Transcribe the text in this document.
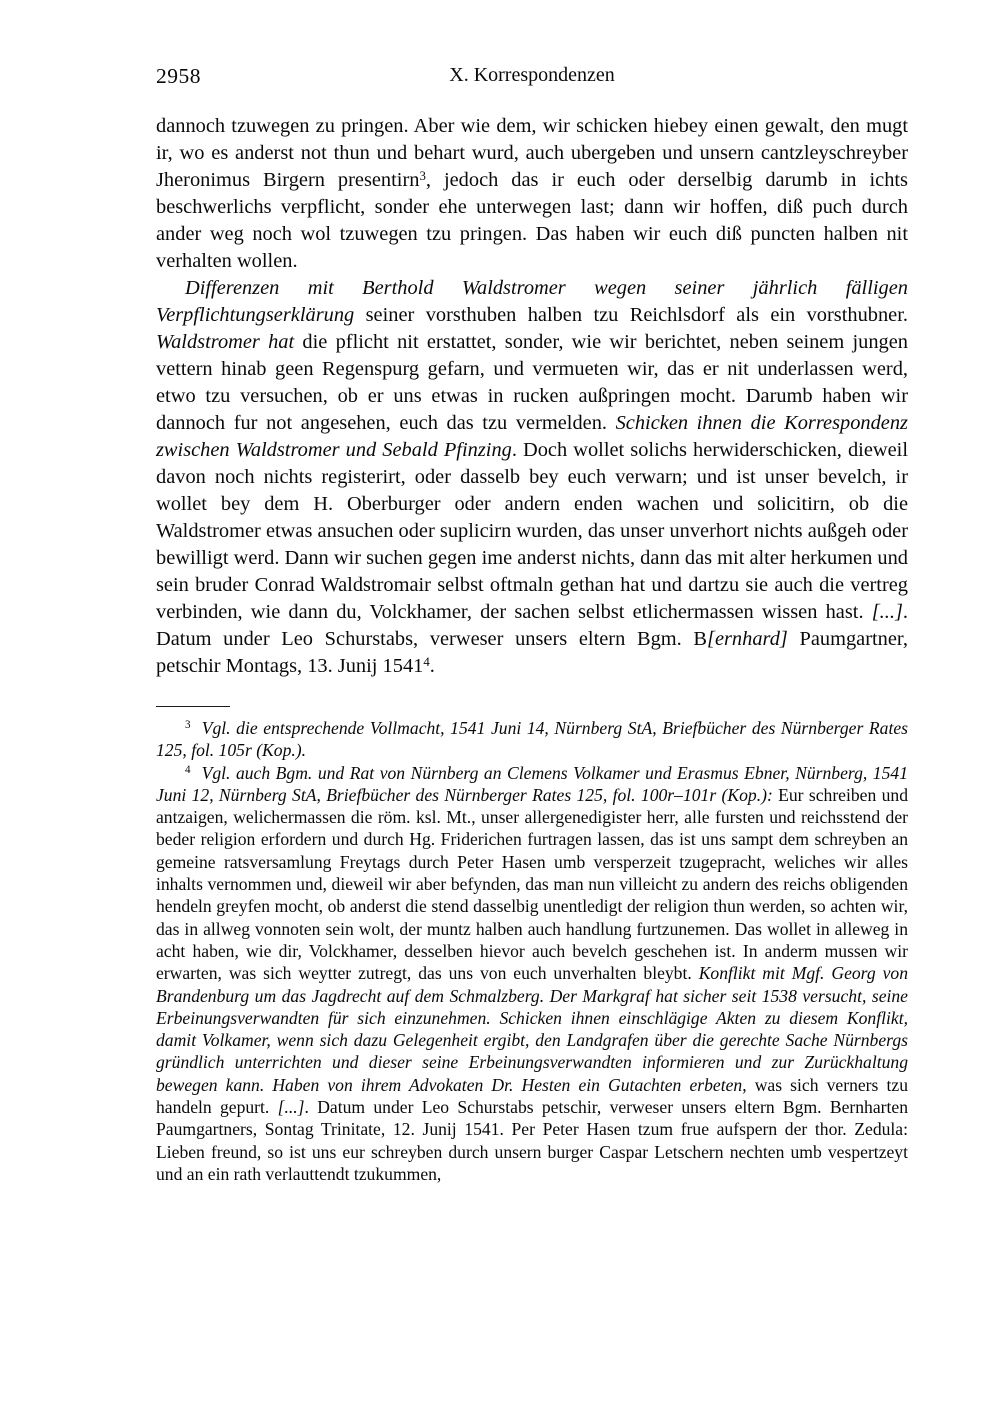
2958	X. Korrespondenzen

dannoch tzuwegen zu pringen. Aber wie dem, wir schicken hiebey einen gewalt, den mugt ir, wo es anderst not thun und behart wurd, auch ubergeben und unsern cantzleyschreyber Jheronimus Birgern presentirn$^3$, jedoch das ir euch oder derselbig darumb in ichts beschwerlichs verpflicht, sonder ehe unterwegen last; dann wir hoffen, diß puch durch ander weg noch wol tzuwegen tzu pringen. Das haben wir euch diß puncten halben nit verhalten wollen.

Differenzen mit Berthold Waldstromer wegen seiner jährlich fälligen Verpflichtungserklärung seiner vorsthuben halben tzu Reichlsdorf als ein vorsthubner. Waldstromer hat die pflicht nit erstattet, sonder, wie wir berichtet, neben seinem jungen vettern hinab geen Regenspurg gefarn, und vermueten wir, das er nit underlassen werd, etwo tzu versuchen, ob er uns etwas in rucken außpringen mocht. Darumb haben wir dannoch fur not angesehen, euch das tzu vermelden. Schicken ihnen die Korrespondenz zwischen Waldstromer und Sebald Pfinzing. Doch wollet solichs herwiderschicken, dieweil davon noch nichts registerirt, oder dasselb bey euch verwarn; und ist unser bevelch, ir wollet bey dem H. Oberburger oder andern enden wachen und solicitirn, ob die Waldstromer etwas ansuchen oder suplicirn wurden, das unser unverhort nichts außgeh oder bewilligt werd. Dann wir suchen gegen ime anderst nichts, dann das mit alter herkumen und sein bruder Conrad Waldstromair selbst oftmaln gethan hat und dartzu sie auch die vertreg verbinden, wie dann du, Volckhamer, der sachen selbst etlichermassen wissen hast. [...]. Datum under Leo Schurstabs, verweser unsers eltern Bgm. B[ernhard] Paumgartner, petschir Montags, 13. Junij 1541$^4$.

$^3$ Vgl. die entsprechende Vollmacht, 1541 Juni 14, Nürnberg StA, Briefbücher des Nürnberger Rates 125, fol. 105r (Kop.).

$^4$ Vgl. auch Bgm. und Rat von Nürnberg an Clemens Volkamer und Erasmus Ebner, Nürnberg, 1541 Juni 12, Nürnberg StA, Briefbücher des Nürnberger Rates 125, fol. 100r–101r (Kop.): Eur schreiben und antzaigen, welichermassen die röm. ksl. Mt., unser allergenedigister herr, alle fursten und reichsstend der beder religion erfordern und durch Hg. Friderichen furtragen lassen, das ist uns sampt dem schreyben an gemeine ratsversamlung Freytags durch Peter Hasen umb versperzeit tzugepracht, weliches wir alles inhalts vernommen und, dieweil wir aber befynden, das man nun villeicht zu andern des reichs obligenden hendeln greyfen mocht, ob anderst die stend dasselbig unentledigt der religion thun werden, so achten wir, das in allweg vonnoten sein wolt, der muntz halben auch handlung furtzunemen. Das wollet in alleweg in acht haben, wie dir, Volckhamer, desselben hievor auch bevelch geschehen ist. In anderm mussen wir erwarten, was sich weytter zutregt, das uns von euch unverhalten bleybt. Konflikt mit Mgf. Georg von Brandenburg um das Jagdrecht auf dem Schmalzberg. Der Markgraf hat sicher seit 1538 versucht, seine Erbeinungsverwandten für sich einzunehmen. Schicken ihnen einschlägige Akten zu diesem Konflikt, damit Volkamer, wenn sich dazu Gelegenheit ergibt, den Landgrafen über die gerechte Sache Nürnbergs gründlich unterrichten und dieser seine Erbeinungsverwandten informieren und zur Zurückhaltung bewegen kann. Haben von ihrem Advokaten Dr. Hesten ein Gutachten erbeten, was sich verners tzu handeln gepurt. [...]. Datum under Leo Schurstabs petschir, verweser unsers eltern Bgm. Bernharten Paumgartners, Sontag Trinitate, 12. Junij 1541. Per Peter Hasen tzum frue aufspern der thor. Zedula: Lieben freund, so ist uns eur schreyben durch unsern burger Caspar Letschern nechten umb vespertzeyt und an ein rath verlauttendt tzukummen,
